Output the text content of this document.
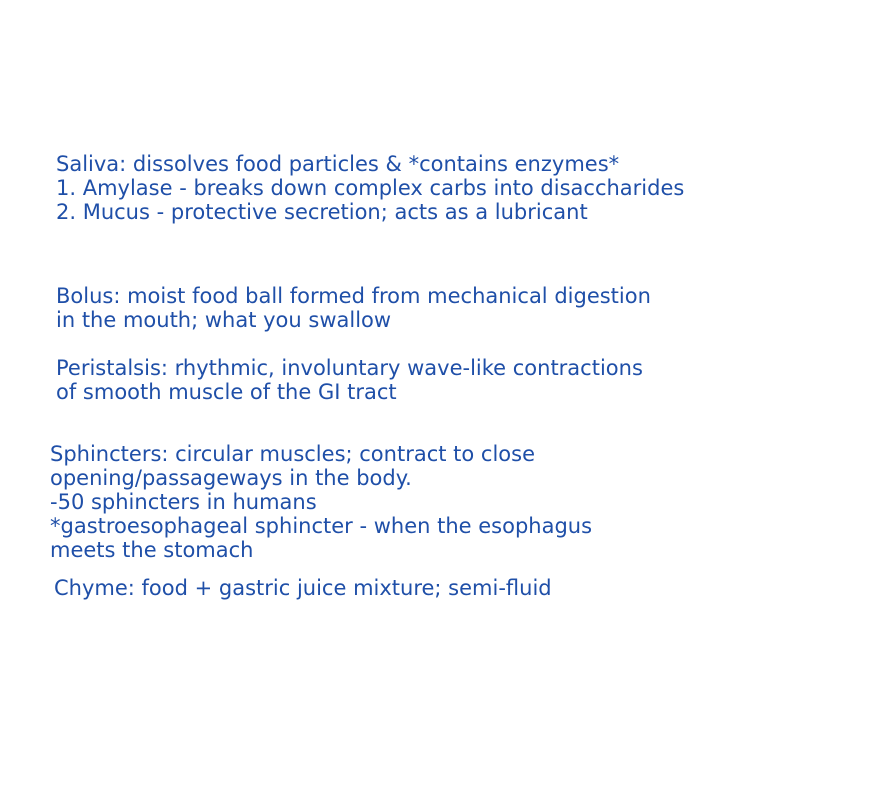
Saliva: dissolves food particles & *contains enzymes*
1. Amylase - breaks down complex carbs into disaccharides
2. Mucus - protective secretion; acts as a lubricant
Bolus: moist food ball formed from mechanical digestion
in the mouth; what you swallow
Peristalsis: rhythmic, involuntary wave-like contractions
of smooth muscle of the GI tract
Sphincters: circular muscles; contract to close
opening/passageways in the body.
-50 sphincters in humans
*gastroesophageal sphincter - when the esophagus
meets the stomach
Chyme: food + gastric juice mixture; semi-fluid
